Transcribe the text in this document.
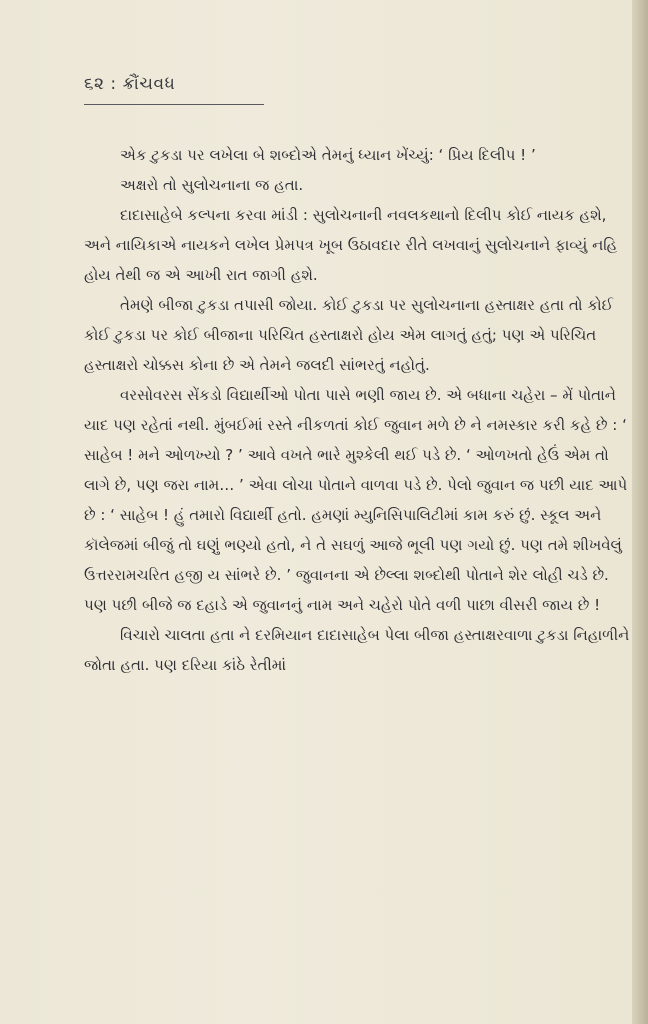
૬૨ : ક્રૌંચવધ

એક ટુકડા પર લખેલા બે શબ્દોએ તેમનું ધ્યાન ખેંચ્યું: ‘ પ્રિય દિલીપ ! ’

અક્ષરો તો સુલોચનાના જ હતા.

દાદાસાહેબે કલ્પના કરવા માંડી : સુલોચનાની નવલકથાનો દિલીપ કોઈ નાયક હશે, અને નાયિકાએ નાયકને લખેલ પ્રેમપત્ર ખૂબ ઉઠાવદાર રીતે લખવાનું સુલોચનાને ફાવ્યું નહિ હોય તેથી જ એ આખી રાત જાગી હશે.

તેમણે બીજા ટુકડા તપાસી જોયા. કોઈ ટુકડા પર સુલોચનાના હસ્તાક્ષર હતા તો કોઈ કોઈ ટુકડા પર કોઈ બીજાના પરિચિત હસ્તાક્ષરો હોય એમ લાગતું હતું; પણ એ પરિચિત હસ્તાક્ષરો ચોક્કસ કોના છે એ તેમને જલદી સાંભરતું નહોતું.

વરસોવરસ સેંકડો વિદ્યાર્થીઓ પોતા પાસે ભણી જાય છે. એ બધાના ચહેરા – મેં પોતાને યાદ પણ રહેતાં નથી. મુંબઈમાં રસ્તે નીકળતાં કોઈ જુવાન મળે છે ને નમસ્કાર કરી કહે છે : ‘ સાહેબ ! મને ઓળખ્યો ? ’ આવે વખતે ભારે મુશ્કેલી થઈ પડે છે. ‘ ઓળખતો હેઉં એમ તો લાગે છે, પણ જરા નામ… ’ એવા લોચા પોતાને વાળવા પડે છે. પેલો જુવાન જ પછી યાદ આપે છે : ‘ સાહેબ ! હું તમારો વિદ્યાર્થી હતો. હમણાં મ્યુનિસિપાલિટીમાં કામ કરું છું. સ્કૂલ અને કૉલેજમાં બીજું તો ઘણું ભણ્યો હતો, ને તે સઘળું આજે ભૂલી પણ ગયો છું. પણ તમે શીખવેલું ઉત્તરરામચરિત હજી ય સાંભરે છે. ’ જુવાનના એ છેલ્લા શબ્દોથી પોતાને શેર લોહી ચડે છે. પણ પછી બીજે જ દહાડે એ જુવાનનું નામ અને ચહેરો પોતે વળી પાછા વીસરી જાય છે !

વિચારો ચાલતા હતા ને દરમિયાન દાદાસાહેબ પેલા બીજા હસ્તાક્ષરવાળા ટુકડા નિહાળીને જોતા હતા. પણ દરિયા કાંઠે રેતીમાં
